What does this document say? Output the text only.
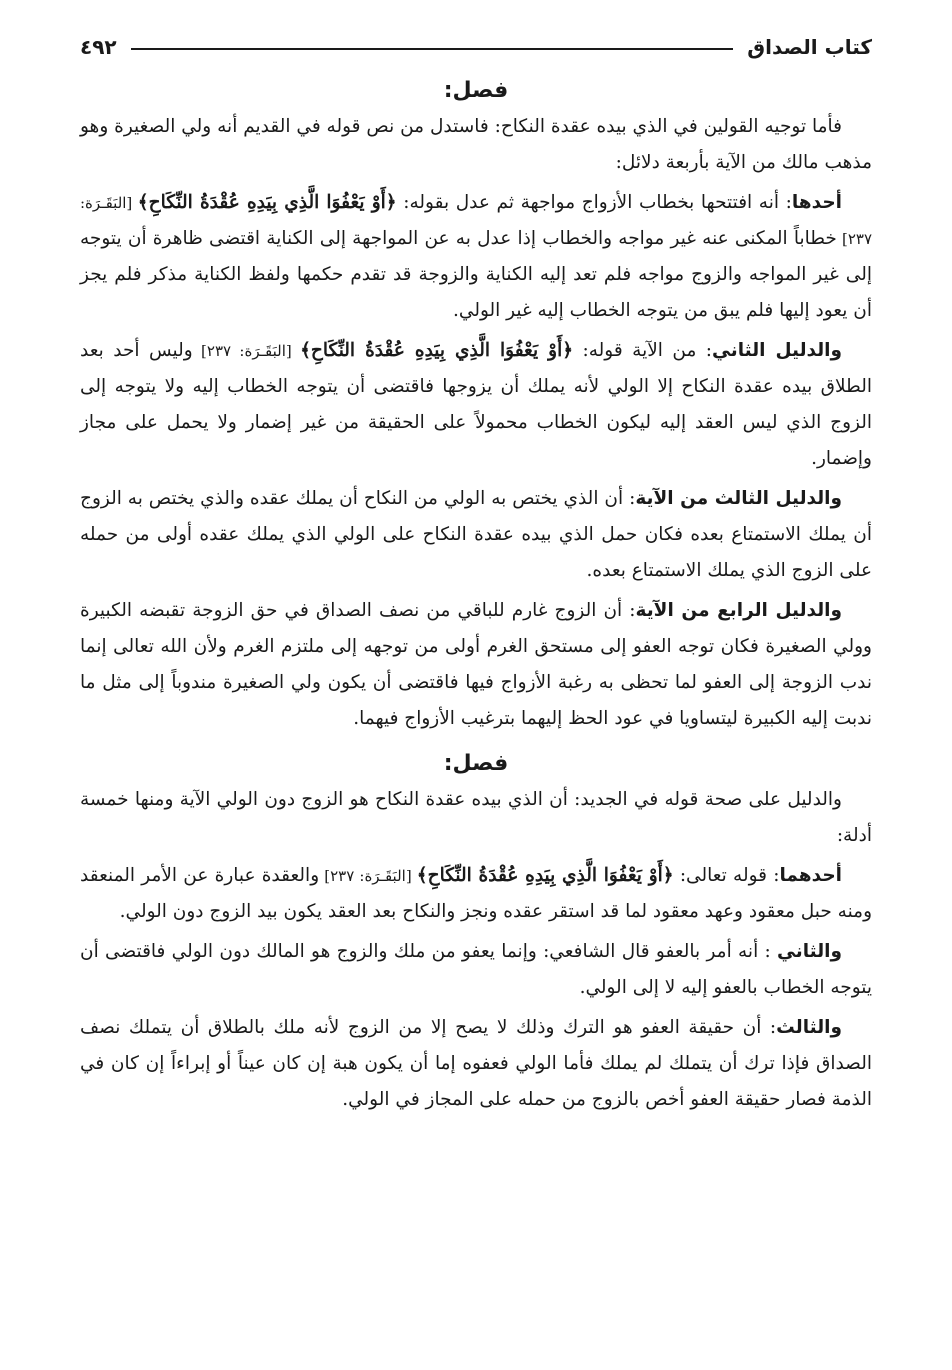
٤٩٢	كتاب الصداق
فصل:

فأما توجيه القولين في الذي بيده عقدة النكاح: فاستدل من نص قوله في القديم أنه ولي الصغيرة وهو مذهب مالك من الآية بأربعة دلائل:

أحدها: أنه افتتحها بخطاب الأزواج مواجهة ثم عدل بقوله: ﴿أَوْ يَعْفُوَا الَّذِي بِيَدِهِ عُقْدَةُ النِّكَاحِ﴾ [البَقَـرَة: ٢٣٧] خطاباً المكنى عنه غير مواجه والخطاب إذا عدل به عن المواجهة إلى الكناية اقتضى ظاهرة أن يتوجه إلى غير المواجه والزوج مواجه فلم تعد إليه الكناية والزوجة قد تقدم حكمها ولفظ الكناية مذكر فلم يجز أن يعود إليها فلم يبق من يتوجه الخطاب إليه غير الولي.

والدليل الثاني: من الآية قوله: ﴿أَوْ يَعْفُوَا الَّذِي بِيَدِهِ عُقْدَةُ النِّكَاحِ﴾ [البَقَـرَة: ٢٣٧] وليس أحد بعد الطلاق بيده عقدة النكاح إلا الولي لأنه يملك أن يزوجها فاقتضى أن يتوجه الخطاب إليه ولا يتوجه إلى الزوج الذي ليس العقد إليه ليكون الخطاب محمولاً على الحقيقة من غير إضمار ولا يحمل على مجاز وإضمار.

والدليل الثالث من الآية: أن الذي يختص به الولي من النكاح أن يملك عقده والذي يختص به الزوج أن يملك الاستمتاع بعده فكان حمل الذي بيده عقدة النكاح على الولي الذي يملك عقده أولى من حمله على الزوج الذي يملك الاستمتاع بعده.

والدليل الرابع من الآية: أن الزوج غارم للباقي من نصف الصداق في حق الزوجة تقبضه الكبيرة وولي الصغيرة فكان توجه العفو إلى مستحق الغرم أولى من توجهه إلى ملتزم الغرم ولأن الله تعالى إنما ندب الزوجة إلى العفو لما تحظى به رغبة الأزواج فيها فاقتضى أن يكون ولي الصغيرة مندوباً إلى مثل ما ندبت إليه الكبيرة ليتساويا في عود الحظ إليهما بترغيب الأزواج فيهما.

فصل:

والدليل على صحة قوله في الجديد: أن الذي بيده عقدة النكاح هو الزوج دون الولي الآية ومنها خمسة أدلة:

أحدهما: قوله تعالى: ﴿أَوْ يَعْفُوَا الَّذِي بِيَدِهِ عُقْدَةُ النِّكَاحِ﴾ [البَقَـرَة: ٢٣٧] والعقدة عبارة عن الأمر المنعقد ومنه حبل معقود وعهد معقود لما قد استقر عقده ونجز والنكاح بعد العقد يكون بيد الزوج دون الولي.

والثاني : أنه أمر بالعفو قال الشافعي: وإنما يعفو من ملك والزوج هو المالك دون الولي فاقتضى أن يتوجه الخطاب بالعفو إليه لا إلى الولي.

والثالث: أن حقيقة العفو هو الترك وذلك لا يصح إلا من الزوج لأنه ملك بالطلاق أن يتملك نصف الصداق فإذا ترك أن يتملك لم يملك فأما الولي فعفوه إما أن يكون هبة إن كان عيناً أو إبراءاً إن كان في الذمة فصار حقيقة العفو أخص بالزوج من حمله على المجاز في الولي.
